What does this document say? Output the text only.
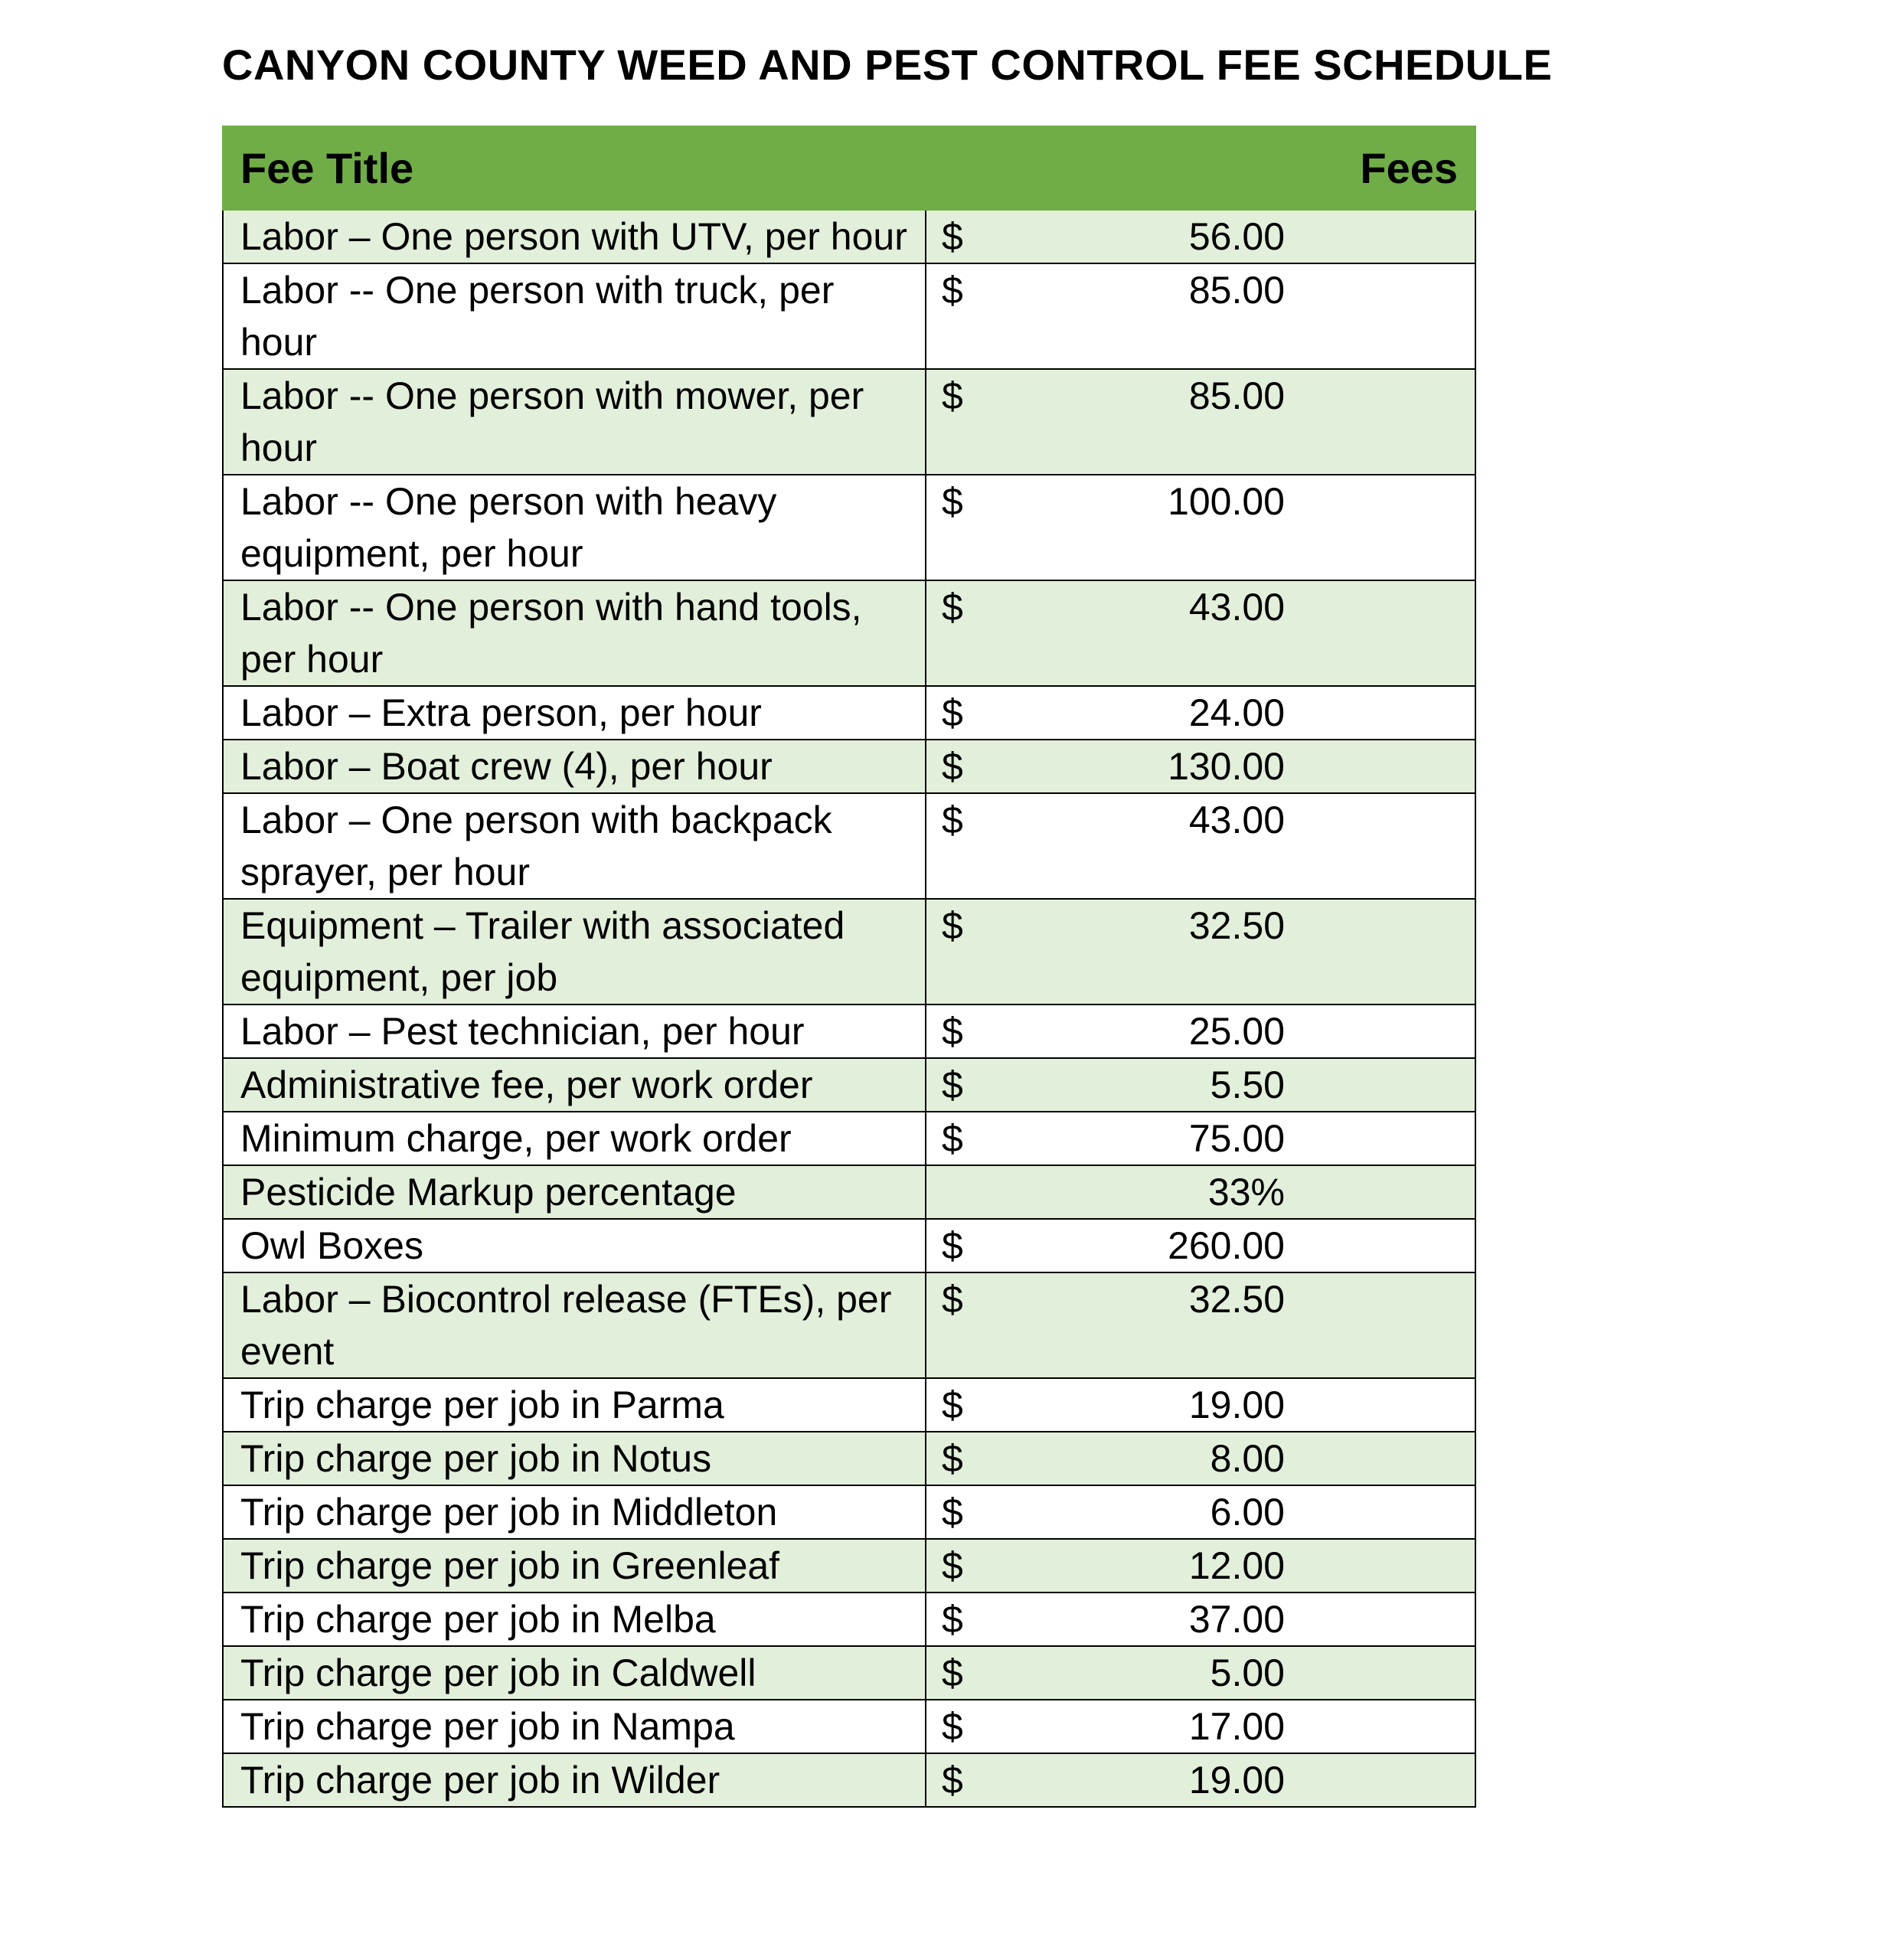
CANYON COUNTY WEED AND PEST CONTROL FEE SCHEDULE
Fee Title Fees	

Labor – One person with UTV, per hour	$ 56.00

Labor -- One person with truck, per hour	$ 85.00

Labor -- One person with mower, per hour	$ 85.00

Labor -- One person with heavy equipment, per hour	$ 100.00

Labor -- One person with hand tools, per hour	$ 43.00

Labor – Extra person, per hour	$ 24.00

Labor – Boat crew (4), per hour	$ 130.00

Labor – One person with backpack sprayer, per hour	$ 43.00

Equipment – Trailer with associated equipment, per job	$ 32.50

Labor – Pest technician, per hour	$ 25.00

Administrative fee, per work order	$ 5.50

Minimum charge, per work order	$ 75.00

Pesticide Markup percentage	33%

Owl Boxes	$ 260.00

Labor – Biocontrol release (FTEs), per event	$ 32.50

Trip charge per job in Parma	$ 19.00

Trip charge per job in Notus	$ 8.00

Trip charge per job in Middleton	$ 6.00

Trip charge per job in Greenleaf	$ 12.00

Trip charge per job in Melba	$ 37.00

Trip charge per job in Caldwell	$ 5.00

Trip charge per job in Nampa	$ 17.00

Trip charge per job in Wilder	$ 19.00
